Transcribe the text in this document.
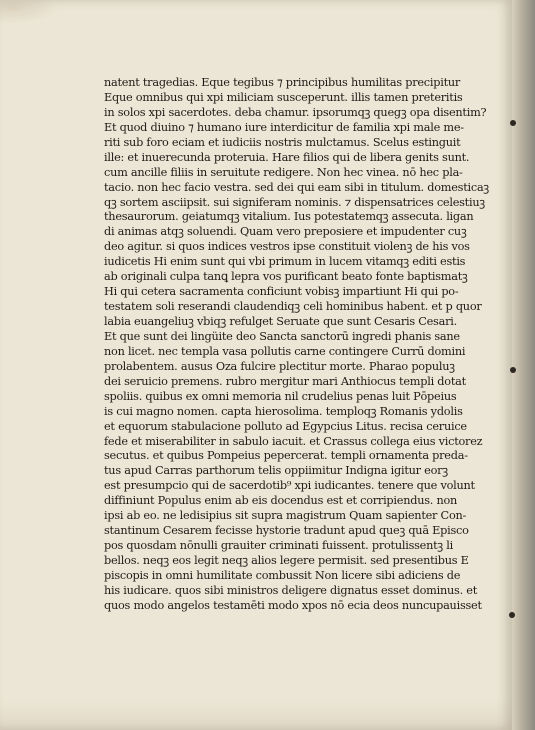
natent tragedias. Eque tegibus ⁊ principibus humilitas precipitur
Eque omnibus qui xpi miliciam susceperunt. illis tamen preteritis
in solos xpi sacerdotes. deba chamur. ipsorumqꝫ quegꝫ opa disentim?
Et quod diuino ⁊ humano iure interdicitur de familia xpi male me-
riti sub foro eciam et iudiciis nostris mulctamus. Scelus estinguit
ille: et inuerecunda proteruia. Hare filios qui de libera genits sunt.
cum ancille filiis in seruitute redigere. Non hec vinea. nō hec pla-
tacio. non hec facio vestra. sed dei qui eam sibi in titulum. domesticaꝫ
qꝫ sortem asciipsit. sui signiferam nominis. ⁊ dispensatrices celestiuꝫ
thesaurorum. geiatumqꝫ vitalium. Ius potestatemqꝫ assecuta. ligan
di animas atqꝫ soluendi. Quam vero preposiere et impudenter cuꝫ
deo agitur. si quos indices vestros ipse constituit violenꝫ de his vos
iudicetis Hi enim sunt qui vbi primum in lucem vitamqꝫ editi estis
ab originali culpa tanꝗ lepra vos purificant beato fonte baptismatꝫ
Hi qui cetera sacramenta conficiunt vobisꝫ impartiunt Hi qui po-
testatem soli reserandi claudendiqꝫ celi hominibus habent. et p quor
labia euangeliuꝫ vbiqꝫ refulget Seruate que sunt Cesaris Cesari.
Et que sunt dei lingüite deo Sancta sanctorū ingredi phanis sane
non licet. nec templa vasa pollutis carne contingere Currū domini
prolabentem. ausus Oza fulcire plectitur morte. Pharao populuꝫ
dei seruicio premens. rubro mergitur mari Anthiocus templi dotat
spoliis. quibus ex omni memoria nil crudelius penas luit Pōpeius
is cui magno nomen. capta hierosolima. temploqꝫ Romanis ydolis
et equorum stabulacione polluto ad Egypcius Litus. recisa ceruice
fede et miserabiliter in sabulo iacuit. et Crassus collega eius victorez
secutus. et quibus Pompeius pepercerat. templi ornamenta preda-
tus apud Carras parthorum telis oppiimitur Indigna igitur eorꝫ
est presumpcio qui de sacerdotib⁹ xpi iudicantes. tenere que volunt
diffiniunt Populus enim ab eis docendus est et corripiendus. non
ipsi ab eo. ne ledisipius sit supra magistrum Quam sapienter Con-
stantinum Cesarem fecisse hystorie tradunt apud queꝫ quā Episco
pos quosdam nōnulli grauiter criminati fuissent. protulissentꝫ li
bellos. neqꝫ eos legit neqꝫ alios legere permisit. sed presentibus E
piscopis in omni humilitate combussit Non licere sibi adiciens de
his iudicare. quos sibi ministros deligere dignatus esset dominus. et
quos modo angelos testamēti modo xpos nō ecia deos nuncupauisset
